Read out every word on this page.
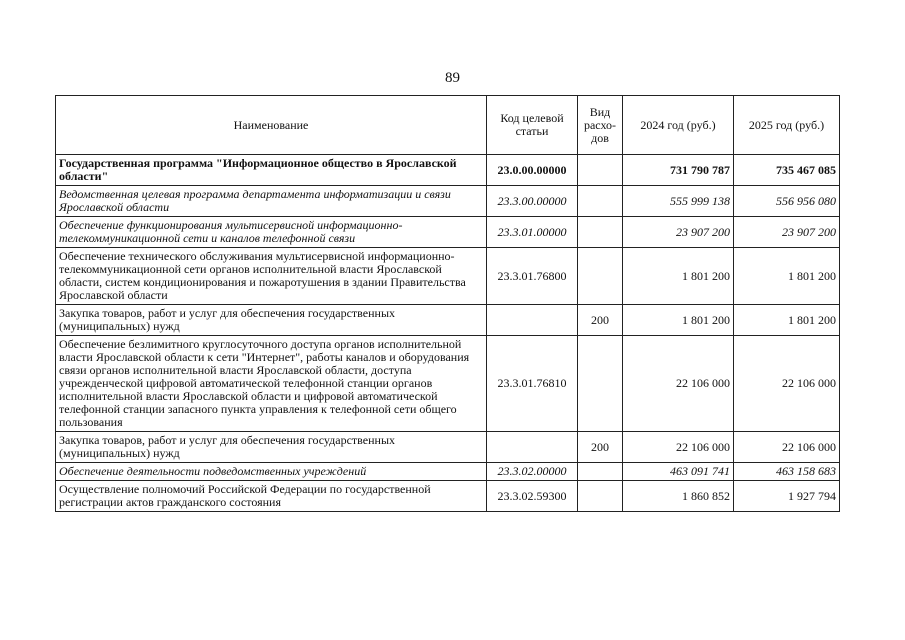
89
Наименование	Код целевой статьи	Вид расхо-дов	2024 год (руб.)	2025 год (руб.)
Государственная программа "Информационное общество в Ярославской области"	23.0.00.00000		731 790 787	735 467 085
Ведомственная целевая программа департамента информатизации и связи Ярославской области	23.3.00.00000		555 999 138	556 956 080
Обеспечение функционирования мультисервисной информационно-телекоммуникационной сети и каналов телефонной связи	23.3.01.00000		23 907 200	23 907 200
Обеспечение технического обслуживания мультисервисной информационно-телекоммуникационной сети органов исполнительной власти Ярославской области, систем кондиционирования и пожаротушения в здании Правительства Ярославской области	23.3.01.76800		1 801 200	1 801 200
Закупка товаров, работ и услуг для обеспечения государственных (муниципальных) нужд		200	1 801 200	1 801 200
Обеспечение безлимитного круглосуточного доступа органов исполнительной власти Ярославской области к сети "Интернет", работы каналов и оборудования связи органов исполнительной власти Ярославской области, доступа учрежденческой цифровой автоматической телефонной станции органов исполнительной власти Ярославской области и цифровой автоматической телефонной станции запасного пункта управления к телефонной сети общего пользования	23.3.01.76810		22 106 000	22 106 000
Закупка товаров, работ и услуг для обеспечения государственных (муниципальных) нужд		200	22 106 000	22 106 000
Обеспечение деятельности подведомственных учреждений	23.3.02.00000		463 091 741	463 158 683
Осуществление полномочий Российской Федерации по государственной регистрации актов гражданского состояния	23.3.02.59300		1 860 852	1 927 794
